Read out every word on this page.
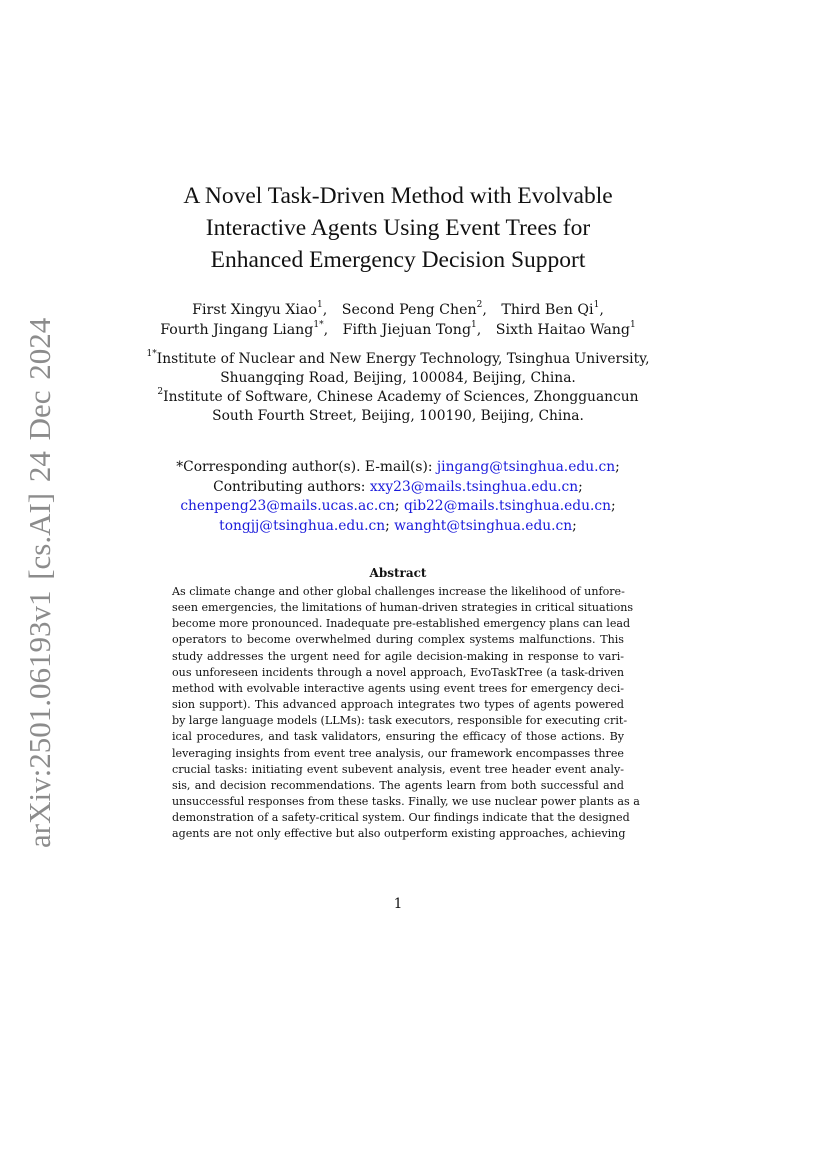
arXiv:2501.06193v1 [cs.AI] 24 Dec 2024
A Novel Task-Driven Method with Evolvable
Interactive Agents Using Event Trees for
Enhanced Emergency Decision Support
First Xingyu Xiao$^1$, Second Peng Chen$^2$, Third Ben Qi$^1$,
Fourth Jingang Liang$^{1*}$, Fifth Jiejuan Tong$^1$, Sixth Haitao Wang$^1$
$^{1*}$Institute of Nuclear and New Energy Technology, Tsinghua University,
Shuangqing Road, Beijing, 100084, Beijing, China.
$^2$Institute of Software, Chinese Academy of Sciences, Zhongguancun
South Fourth Street, Beijing, 100190, Beijing, China.
*Corresponding author(s). E-mail(s): jingang@tsinghua.edu.cn;
Contributing authors: xxy23@mails.tsinghua.edu.cn;
chenpeng23@mails.ucas.ac.cn; qib22@mails.tsinghua.edu.cn;
tongjj@tsinghua.edu.cn; wanght@tsinghua.edu.cn;
Abstract
As climate change and other global challenges increase the likelihood of unfore-
seen emergencies, the limitations of human-driven strategies in critical situations
become more pronounced. Inadequate pre-established emergency plans can lead
operators to become overwhelmed during complex systems malfunctions. This
study addresses the urgent need for agile decision-making in response to vari-
ous unforeseen incidents through a novel approach, EvoTaskTree (a task-driven
method with evolvable interactive agents using event trees for emergency deci-
sion support). This advanced approach integrates two types of agents powered
by large language models (LLMs): task executors, responsible for executing crit-
ical procedures, and task validators, ensuring the efficacy of those actions. By
leveraging insights from event tree analysis, our framework encompasses three
crucial tasks: initiating event subevent analysis, event tree header event analy-
sis, and decision recommendations. The agents learn from both successful and
unsuccessful responses from these tasks. Finally, we use nuclear power plants as a
demonstration of a safety-critical system. Our findings indicate that the designed
agents are not only effective but also outperform existing approaches, achieving
1
